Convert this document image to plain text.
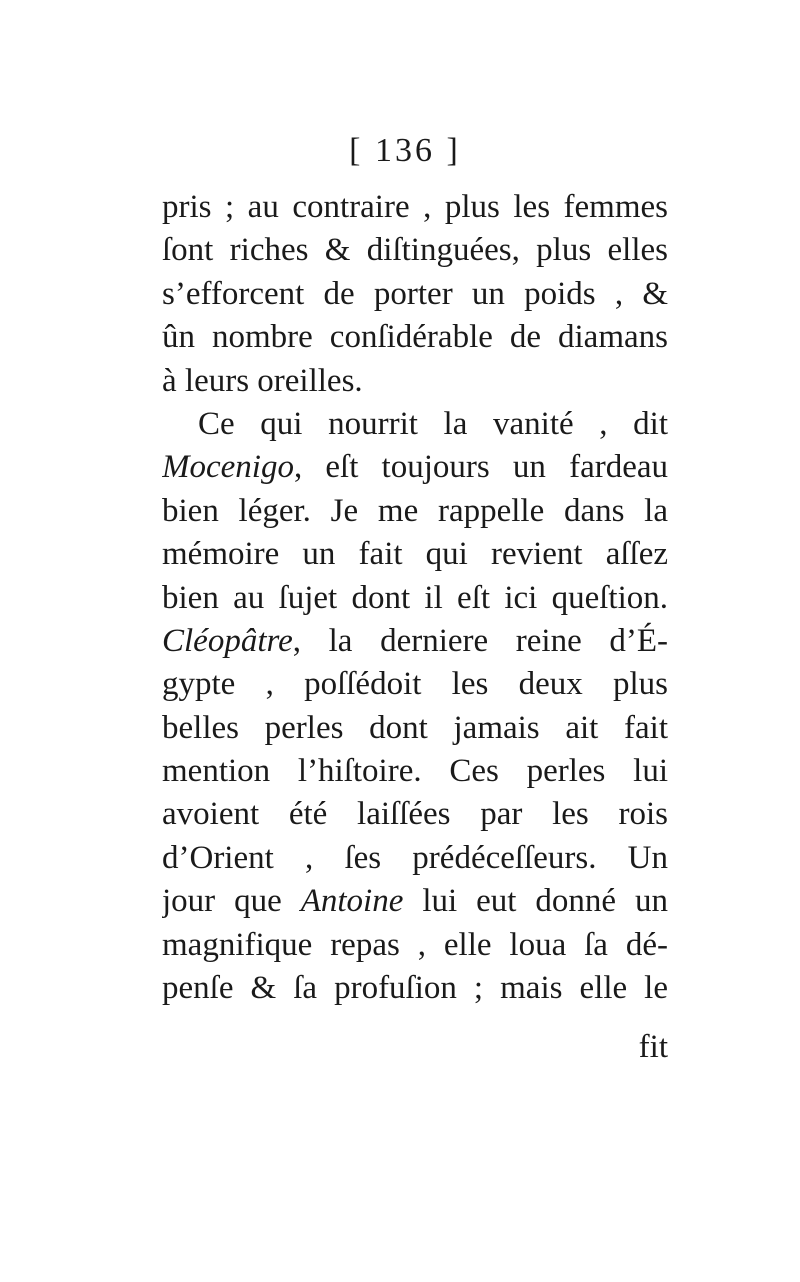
[ 136 ]
pris ; au contraire , plus les femmes
ſont riches & diſtinguées, plus elles
s’efforcent de porter un poids , &
ûn nombre conſidérable de diamans
à leurs oreilles.
Ce qui nourrit la vanité , dit
Mocenigo, eſt toujours un fardeau
bien léger. Je me rappelle dans la
mémoire un fait qui revient aſſez
bien au ſujet dont il eſt ici queſtion.
Cléopâtre, la derniere reine d’É-
gypte , poſſédoit les deux plus
belles perles dont jamais ait fait
mention l’hiſtoire. Ces perles lui
avoient été laiſſées par les rois
d’Orient , ſes prédéceſſeurs. Un
jour que Antoine lui eut donné un
magnifique repas , elle loua ſa dé-
penſe & ſa profuſion ; mais elle le
fit
